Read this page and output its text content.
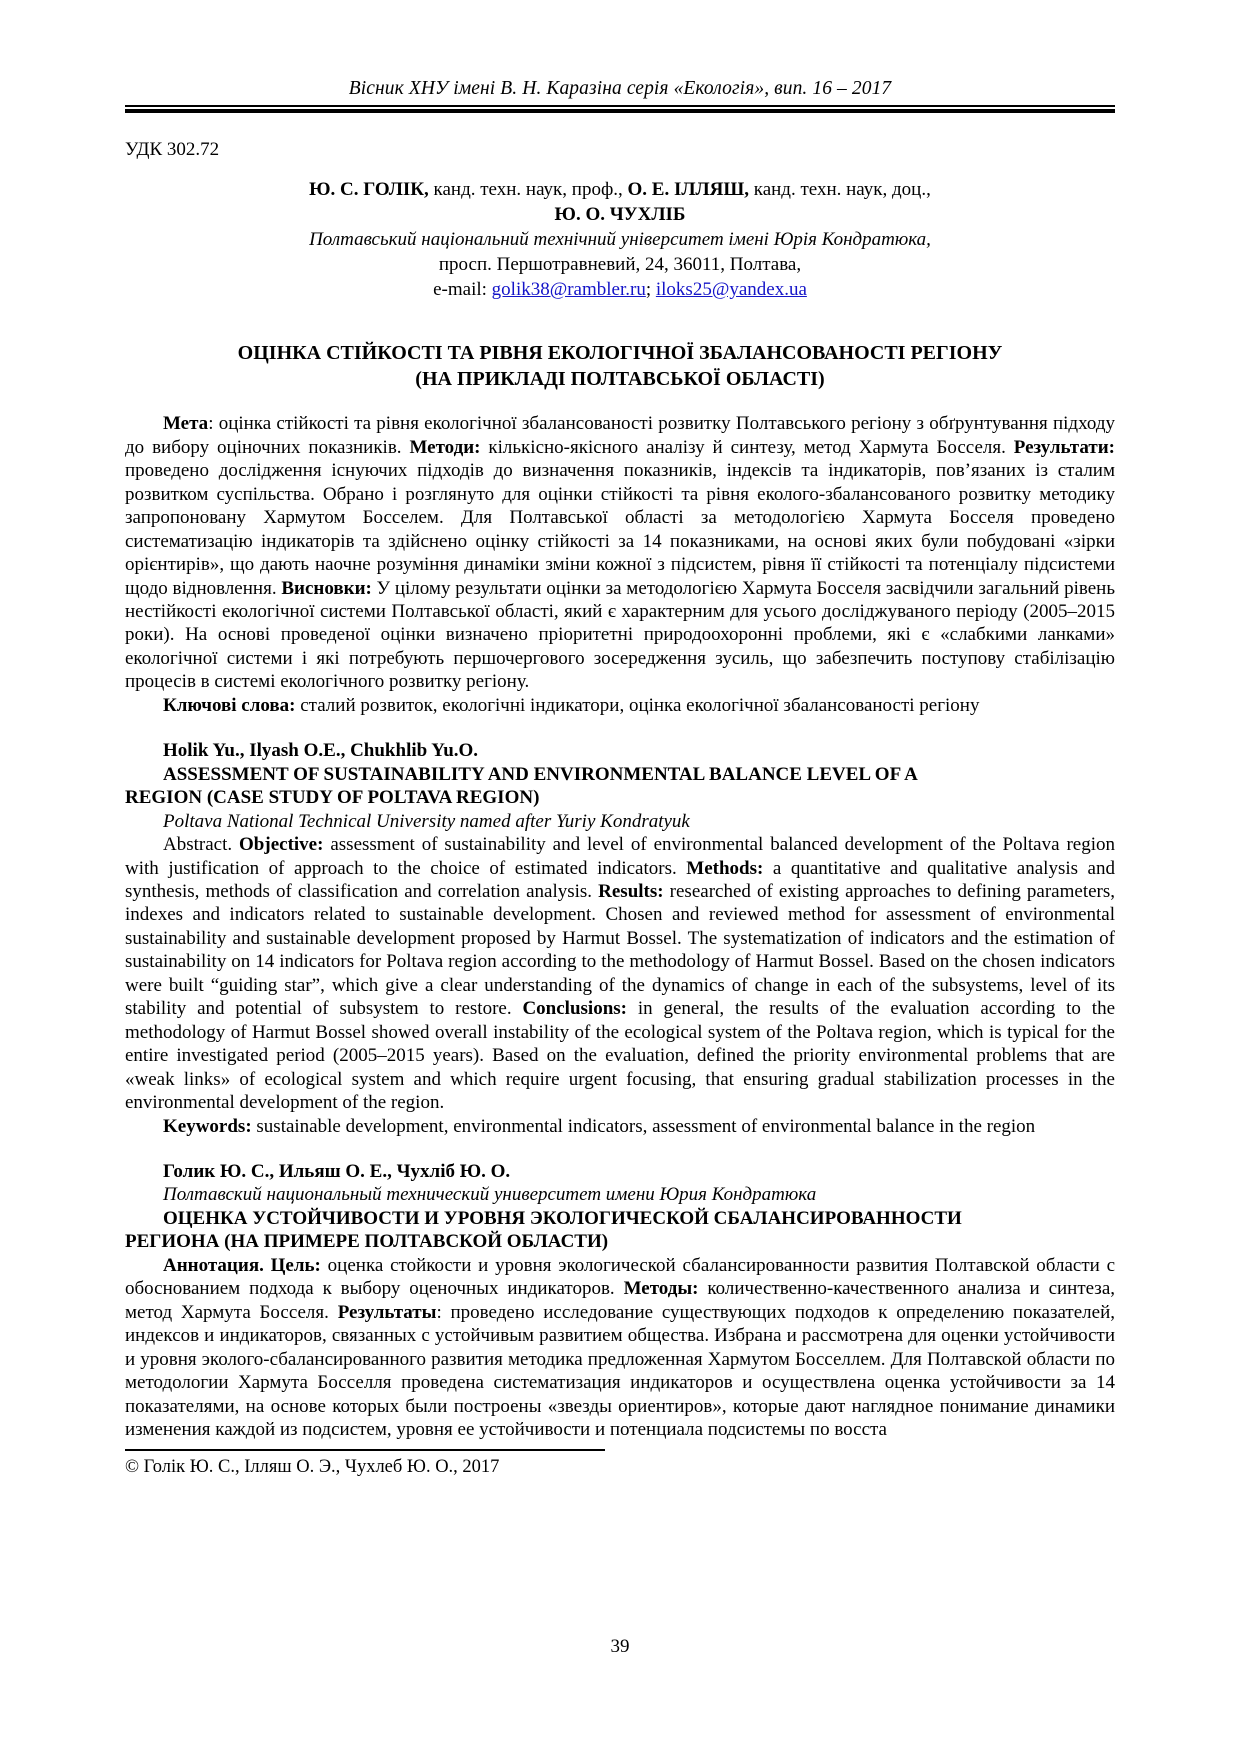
Вісник ХНУ імені В. Н. Каразіна серія «Екологія», вип. 16 – 2017
УДК 302.72
Ю. С. ГОЛІК, канд. техн. наук, проф., О. Е. ІЛЛЯШ, канд. техн. наук, доц.,
Ю. О. ЧУХЛІБ
Полтавський національний технічний університет імені Юрія Кондратюка,
просп. Першотравневий, 24, 36011, Полтава,
e-mail: golik38@rambler.ru; iloks25@yandex.ua
ОЦІНКА СТІЙКОСТІ ТА РІВНЯ ЕКОЛОГІЧНОЇ ЗБАЛАНСОВАНОСТІ РЕГІОНУ
(НА ПРИКЛАДІ ПОЛТАВСЬКОЇ ОБЛАСТІ)

Мета: оцінка стійкості та рівня екологічної збалансованості розвитку Полтавського регіону з обґрунтування підходу до вибору оціночних показників. Методи: кількісно-якісного аналізу й синтезу, метод Хармута Босселя. Результати: проведено дослідження існуючих підходів до визначення показників, індексів та індикаторів, пов’язаних із сталим розвитком суспільства. Обрано і розглянуто для оцінки стійкості та рівня еколого-збалансованого розвитку методику запропоновану Хармутом Босселем. Для Полтавської області за методологією Хармута Босселя проведено систематизацію індикаторів та здійснено оцінку стійкості за 14 показниками, на основі яких були побудовані «зірки орієнтирів», що дають наочне розуміння динаміки зміни кожної з підсистем, рівня її стійкості та потенціалу підсистеми щодо відновлення. Висновки: У цілому результати оцінки за методологією Хармута Босселя засвідчили загальний рівень нестійкості екологічної системи Полтавської області, який є характерним для усього досліджуваного періоду (2005–2015 роки). На основі проведеної оцінки визначено пріоритетні природоохоронні проблеми, які є «слабкими ланками» екологічної системи і які потребують першочергового зосередження зусиль, що забезпечить поступову стабілізацію процесів в системі екологічного розвитку регіону.

Ключові слова: сталий розвиток, екологічні індикатори, оцінка екологічної збалансованості регіону

Holik Yu., Ilyash O.E., Chukhlib Yu.O.

ASSESSMENT OF SUSTAINABILITY AND ENVIRONMENTAL BALANCE LEVEL OF A

REGION (CASE STUDY OF POLTAVA REGION)

Poltava National Technical University named after Yuriy Kondratyuk

Abstract. Objective: assessment of sustainability and level of environmental balanced development of the Poltava region with justification of approach to the choice of estimated indicators. Methods: a quantitative and qualitative analysis and synthesis, methods of classification and correlation analysis. Results: researched of existing approaches to defining parameters, indexes and indicators related to sustainable development. Chosen and reviewed method for assessment of environmental sustainability and sustainable development proposed by Harmut Bossel. The systematization of indicators and the estimation of sustainability on 14 indicators for Poltava region according to the methodology of Harmut Bossel. Based on the chosen indicators were built “guiding star”, which give a clear understanding of the dynamics of change in each of the subsystems, level of its stability and potential of subsystem to restore. Conclusions: in general, the results of the evaluation according to the methodology of Harmut Bossel showed overall instability of the ecological system of the Poltava region, which is typical for the entire investigated period (2005–2015 years). Based on the evaluation, defined the priority environmental problems that are «weak links» of ecological system and which require urgent focusing, that ensuring gradual stabilization processes in the environmental development of the region.

Keywords: sustainable development, environmental indicators, assessment of environmental balance in the region

Голик Ю. С., Ильяш О. Е., Чухліб Ю. О.

Полтавский национальный технический университет имени Юрия Кондратюка

ОЦЕНКА УСТОЙЧИВОСТИ И УРОВНЯ ЭКОЛОГИЧЕСКОЙ СБАЛАНСИРОВАННОСТИ

РЕГИОНА (НА ПРИМЕРЕ ПОЛТАВСКОЙ ОБЛАСТИ)

Аннотация. Цель: оценка стойкости и уровня экологической сбалансированности развития Полтавской области с обоснованием подхода к выбору оценочных индикаторов. Методы: количественно-качественного анализа и синтеза, метод Хармута Босселя. Результаты: проведено исследование существующих подходов к определению показателей, индексов и индикаторов, связанных с устойчивым развитием общества. Избрана и рассмотрена для оценки устойчивости и уровня эколого-сбалансированного развития методика предложенная Хармутом Босселлем. Для Полтавской области по методологии Хармута Босселля проведена систематизация индикаторов и осуществлена оценка устойчивости за 14 показателями, на основе которых были построены «звезды ориентиров», которые дают наглядное понимание динамики изменения каждой из подсистем, уровня ее устойчивости и потенциала подсистемы по восста

© Голік Ю. С., Ілляш О. Э., Чухлеб Ю. О., 2017
39
